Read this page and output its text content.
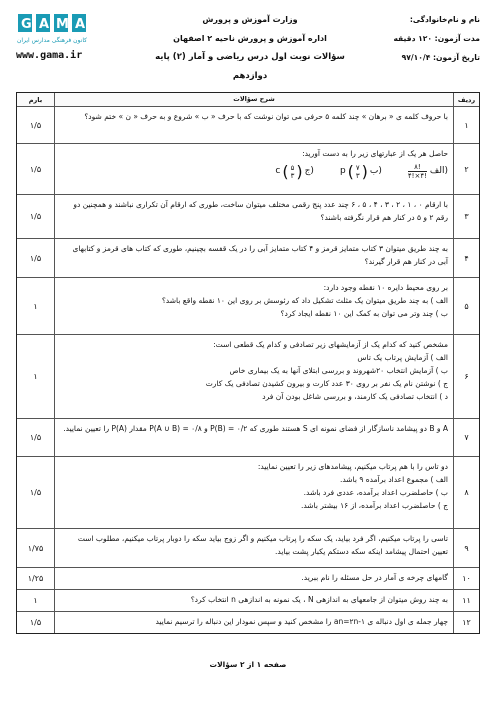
نام و نام‌خانوادگی:
مدت آزمون: ۱۲۰ دقیقه
تاریخ آزمون: ۹۷/۱۰/۴
وزارت آموزش و پرورش
اداره آموزش و پرورش ناحیه ۲ اصفهان
سؤالات نوبت اول درس ریاضی و آمار (۲) پایه دوازدهم
G A M A
کانون فرهنگی مدارس ایران
www.gama.ir
ردیف
شرح سؤالات
بارم
۱
با حروف کلمه ی « برهان » چند کلمه ۵ حرفی می توان نوشت که با حرف « ب » شروع و به حرف « ن » ختم شود؟
۱/۵
۲
حاصل هر یک از عبارتهای زیر را به دست آورید:
c ( ۵
۳ ) ج)	p ( ۷
۳ ) ب)	$\frac{۸!}{۴!\times ۴!}$ الف)
۱/۵
۳
با ارقام ۰ ، ۱ ، ۲ ، ۳ ، ۴ ، ۵ ، ۶ چند عدد پنج رقمی مختلف میتوان ساخت، طوری که ارقام آن تکراری نباشند و همچنین دو رقم ۲ و ۵ در کنار هم قرار نگرفته باشند؟
۱/۵
۴
به چند طریق میتوان ۳ کتاب متمایز قرمز و ۴ کتاب متمایز آبی را در یک قفسه بچینیم، طوری که کتاب های قرمز و کتابهای آبی در کنار هم قرار گیرند؟
۱/۵
۵
بر روی محیط دایره ۱۰ نقطه وجود دارد:
الف ) به چند طریق میتوان یک مثلث تشکیل داد که رئوسش بر روی این ۱۰ نقطه واقع باشد؟
ب ) چند وتر می توان به کمک این ۱۰ نقطه ایجاد کرد؟
۱
۶
مشخص کنید که کدام یک از آزمایشهای زیر تصادفی و کدام یک قطعی است:
الف ) آزمایش پرتاب یک تاس
ب ) آزمایش انتخاب ۲۰شهروند و بررسی ابتلای آنها به یک بیماری خاص
ج ) نوشتن نام یک نفر بر روی ۳۰ عدد کارت و بیرون کشیدن تصادفی یک کارت
د ) انتخاب تصادفی یک کارمند، و بررسی شاغل بودن آن فرد
۱
۷
A و B دو پیشامد ناسازگار از فضای نمونه ای S هستند طوری که P(B) = ۰/۲ و P(A ∪ B) = ۰/۸ مقدار P(A) را تعیین نمایید.
۱/۵
۸
دو تاس را با هم پرتاب میکنیم، پیشامدهای زیر را تعیین نمایید:
الف ) مجموع اعداد برآمده ۹ باشد.
ب ) حاصلضرب اعداد برآمده، عددی فرد باشد.
ج ) حاصلضرب اعداد برآمده، از ۱۶ بیشتر باشد.
۱/۵
۹
تاسی را پرتاب میکنیم، اگر فرد بیاید، یک سکه را پرتاب میکنیم و اگر زوج بیاید سکه را دوبار پرتاب میکنیم، مطلوب است تعیین احتمال پیشامد اینکه سکه دستکم یکبار پشت بیاید.
۱/۷۵
۱۰
گامهای چرخه ی آمار در حل مسئله را نام ببرید.
۱/۲۵
۱۱
به چند روش میتوان از جامعهای به اندازهی N ، یک نمونه به اندازهی n انتخاب کرد؟
۱
۱۲
چهار جمله ی اول دنباله ی an=۲n-۱ را مشخص کنید و سپس نمودار این دنباله را ترسیم نمایید
۱/۵
صفحه ۱ از ۲ سؤالات
